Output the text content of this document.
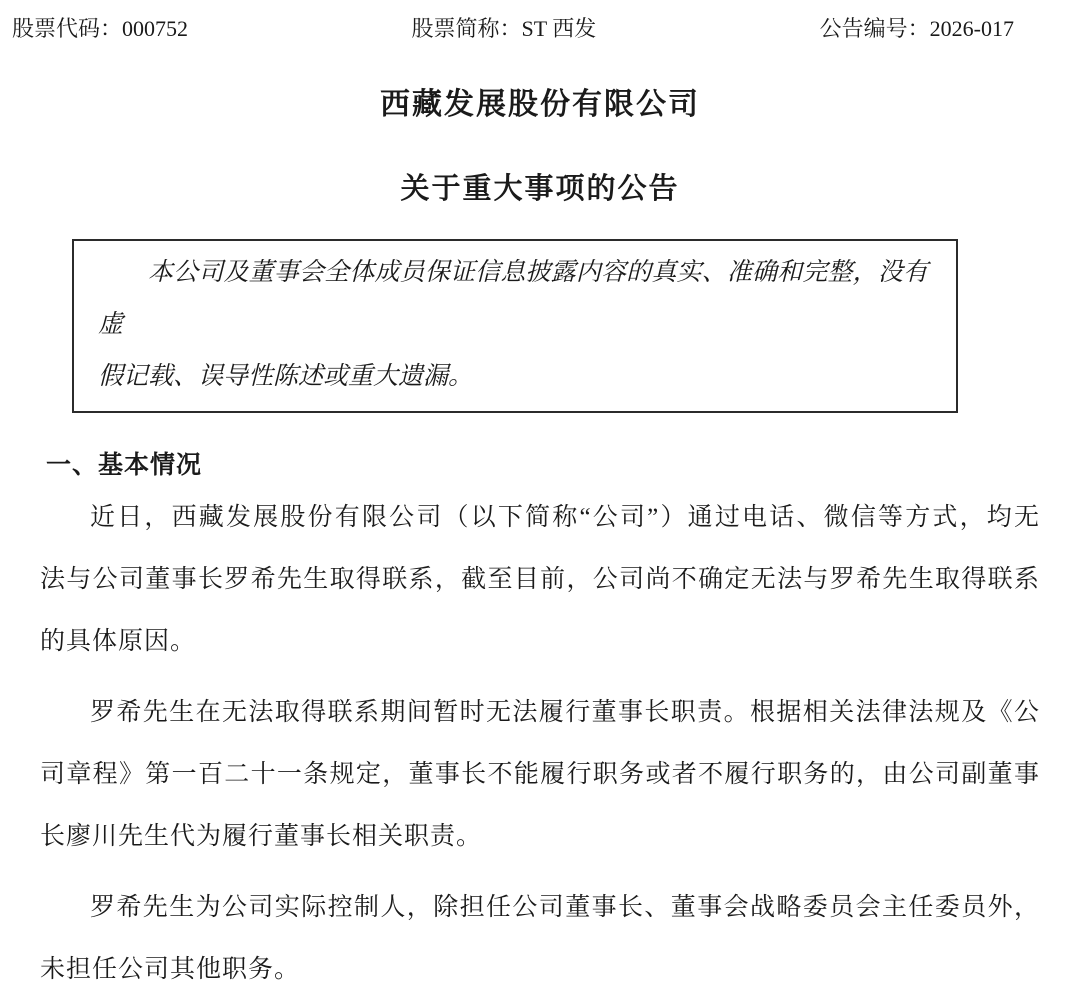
股票代码：000752	股票简称：ST 西发	公告编号：2026-017
西藏发展股份有限公司
关于重大事项的公告
本公司及董事会全体成员保证信息披露内容的真实、准确和完整，没有虚
假记载、误导性陈述或重大遗漏。
一、基本情况
近日，西藏发展股份有限公司（以下简称“公司”）通过电话、微信等方式，均无
法与公司董事长罗希先生取得联系，截至目前，公司尚不确定无法与罗希先生取得联系
的具体原因。
罗希先生在无法取得联系期间暂时无法履行董事长职责。根据相关法律法规及《公
司章程》第一百二十一条规定，董事长不能履行职务或者不履行职务的，由公司副董事
长廖川先生代为履行董事长相关职责。
罗希先生为公司实际控制人，除担任公司董事长、董事会战略委员会主任委员外，
未担任公司其他职务。
